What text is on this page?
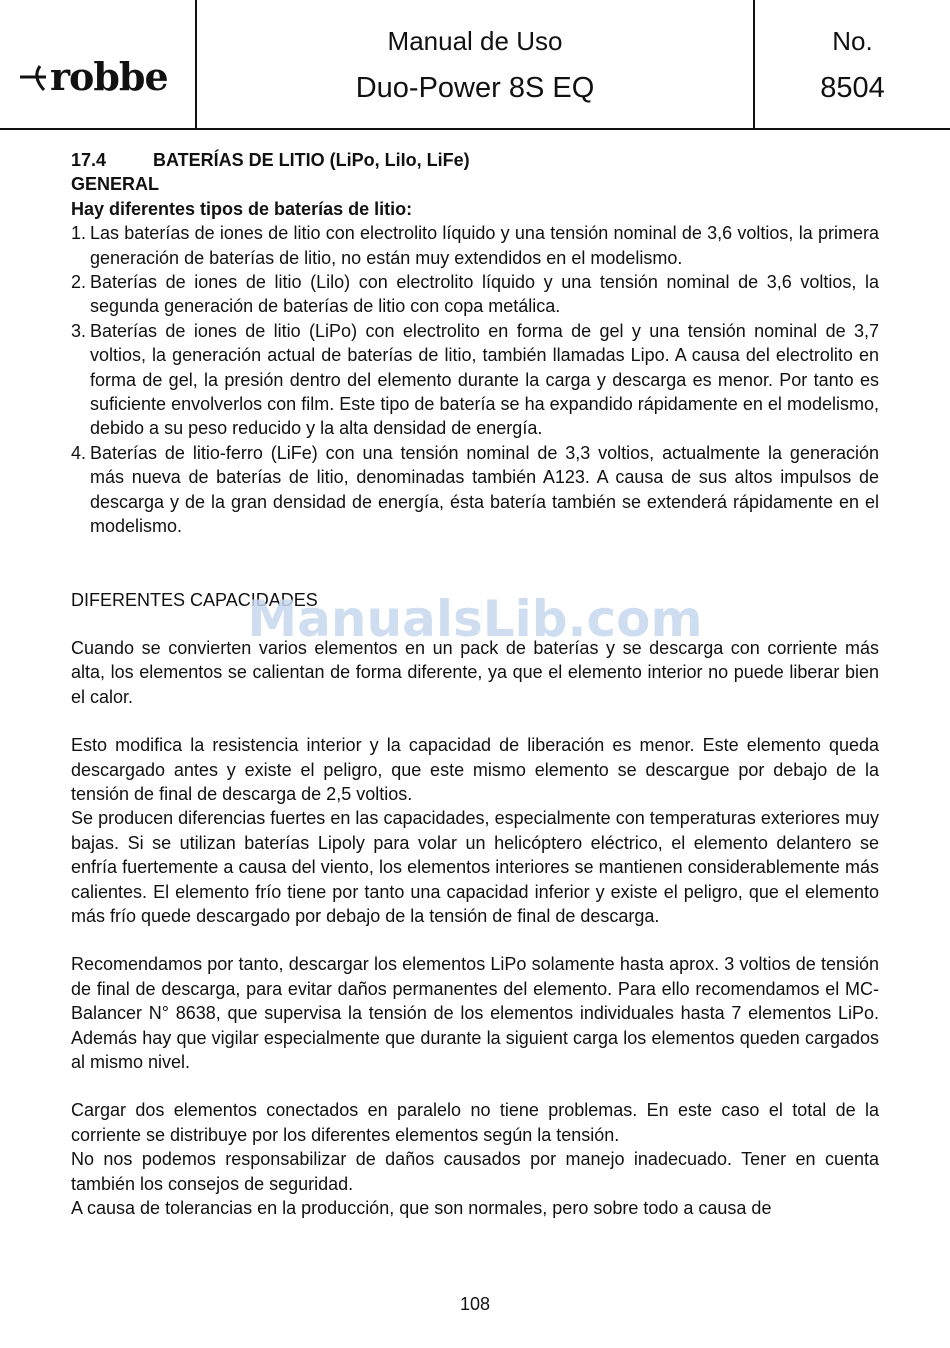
robbe
Manual de Uso
Duo-Power 8S EQ
No.
8504

17.4	BATERÍAS DE LITIO (LiPo, LiIo, LiFe)

GENERAL

Hay diferentes tipos de baterías de litio:

1. Las baterías de iones de litio con electrolito líquido y una tensión nominal de 3,6 voltios, la primera generación de baterías de litio, no están muy extendidos en el modelismo.
2. Baterías de iones de litio (Lilo) con electrolito líquido y una tensión nominal de 3,6 voltios, la segunda generación de baterías de litio con copa metálica.
3. Baterías de iones de litio (LiPo) con electrolito en forma de gel y una tensión nominal de 3,7 voltios, la generación actual de baterías de litio, también llamadas Lipo. A causa del electrolito en forma de gel, la presión dentro del elemento durante la carga y descarga es menor. Por tanto es suficiente envolverlos con film. Este tipo de batería se ha expandido rápidamente en el modelismo, debido a su peso reducido y la alta densidad de energía.
4. Baterías de litio-ferro (LiFe) con una tensión nominal de 3,3 voltios, actualmente la generación más nueva de baterías de litio, denominadas también A123. A causa de sus altos impulsos de descarga y de la gran densidad de energía, ésta batería también se extenderá rápidamente en el modelismo.

DIFERENTES CAPACIDADES

Cuando se convierten varios elementos en un pack de baterías y se descarga con corriente más alta, los elementos se calientan de forma diferente, ya que el elemento interior no puede liberar bien el calor.

Esto modifica la resistencia interior y la capacidad de liberación es menor. Este elemento queda descargado antes y existe el peligro, que este mismo elemento se descargue por debajo de la tensión de final de descarga de 2,5 voltios.

Se producen diferencias fuertes en las capacidades, especialmente con temperaturas exteriores muy bajas. Si se utilizan baterías Lipoly para volar un helicóptero eléctrico, el elemento delantero se enfría fuertemente a causa del viento, los elementos interiores se mantienen considerablemente más calientes. El elemento frío tiene por tanto una capacidad inferior y existe el peligro, que el elemento más frío quede descargado por debajo de la tensión de final de descarga.

Recomendamos por tanto, descargar los elementos LiPo solamente hasta aprox. 3 voltios de tensión de final de descarga, para evitar daños permanentes del elemento. Para ello recomendamos el MC-Balancer N° 8638, que supervisa la tensión de los elementos individuales hasta 7 elementos LiPo. Además hay que vigilar especialmente que durante la siguient carga los elementos queden cargados al mismo nivel.

Cargar dos elementos conectados en paralelo no tiene problemas. En este caso el total de la corriente se distribuye por los diferentes elementos según la tensión.

No nos podemos responsabilizar de daños causados por manejo inadecuado. Tener en cuenta también los consejos de seguridad.

A causa de tolerancias en la producción, que son normales, pero sobre todo a causa de

ManualsLib.com
108
